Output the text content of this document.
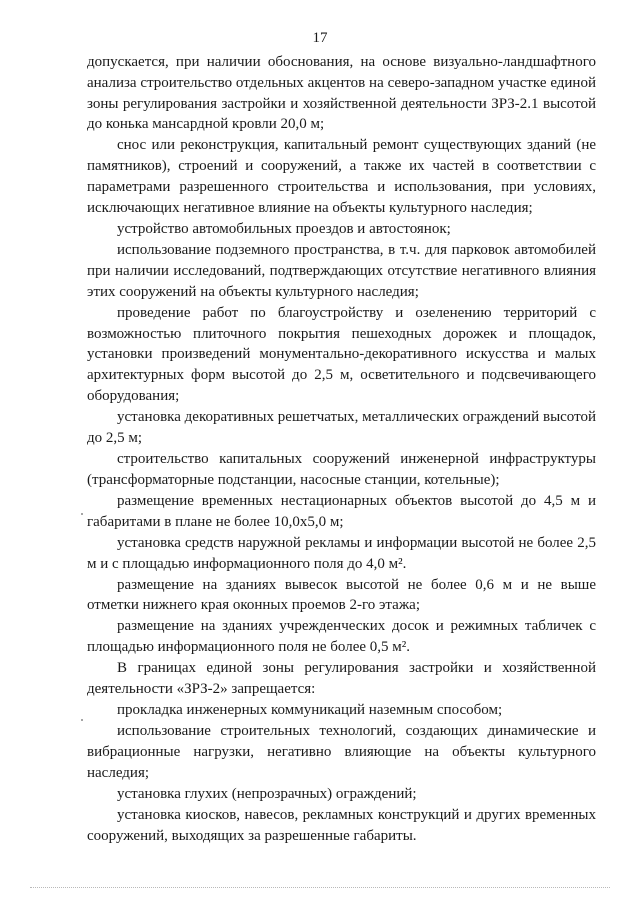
17

допускается, при наличии обоснования, на основе визуально-ландшафтного анализа строительство отдельных акцентов на северо-западном участке единой зоны регулирования застройки и хозяйственной деятельности ЗРЗ-2.1 высотой до конька мансардной кровли 20,0 м;

снос или реконструкция, капитальный ремонт существующих зданий (не памятников), строений и сооружений, а также их частей в соответствии с параметрами разрешенного строительства и использования, при условиях, исключающих негативное влияние на объекты культурного наследия;

устройство автомобильных проездов и автостоянок;

использование подземного пространства, в т.ч. для парковок автомобилей при наличии исследований, подтверждающих отсутствие негативного влияния этих сооружений на объекты культурного наследия;

проведение работ по благоустройству и озеленению территорий с возможностью плиточного покрытия пешеходных дорожек и площадок, установки произведений монументально-декоративного искусства и малых архитектурных форм высотой до 2,5 м, осветительного и подсвечивающего оборудования;

установка декоративных решетчатых, металлических ограждений высотой до 2,5 м;

строительство капитальных сооружений инженерной инфраструктуры (трансформаторные подстанции, насосные станции, котельные);

размещение временных нестационарных объектов высотой до 4,5 м и габаритами в плане не более 10,0х5,0 м;

установка средств наружной рекламы и информации высотой не более 2,5 м и с площадью информационного поля до 4,0 м².

размещение на зданиях вывесок высотой не более 0,6 м и не выше отметки нижнего края оконных проемов 2-го этажа;

размещение на зданиях учрежденческих досок и режимных табличек с площадью информационного поля не более 0,5 м².

В границах единой зоны регулирования застройки и хозяйственной деятельности «ЗРЗ-2» запрещается:

прокладка инженерных коммуникаций наземным способом;

использование строительных технологий, создающих динамические и вибрационные нагрузки, негативно влияющие на объекты культурного наследия;

установка глухих (непрозрачных) ограждений;

установка киосков, навесов, рекламных конструкций и других временных сооружений, выходящих за разрешенные габариты.
